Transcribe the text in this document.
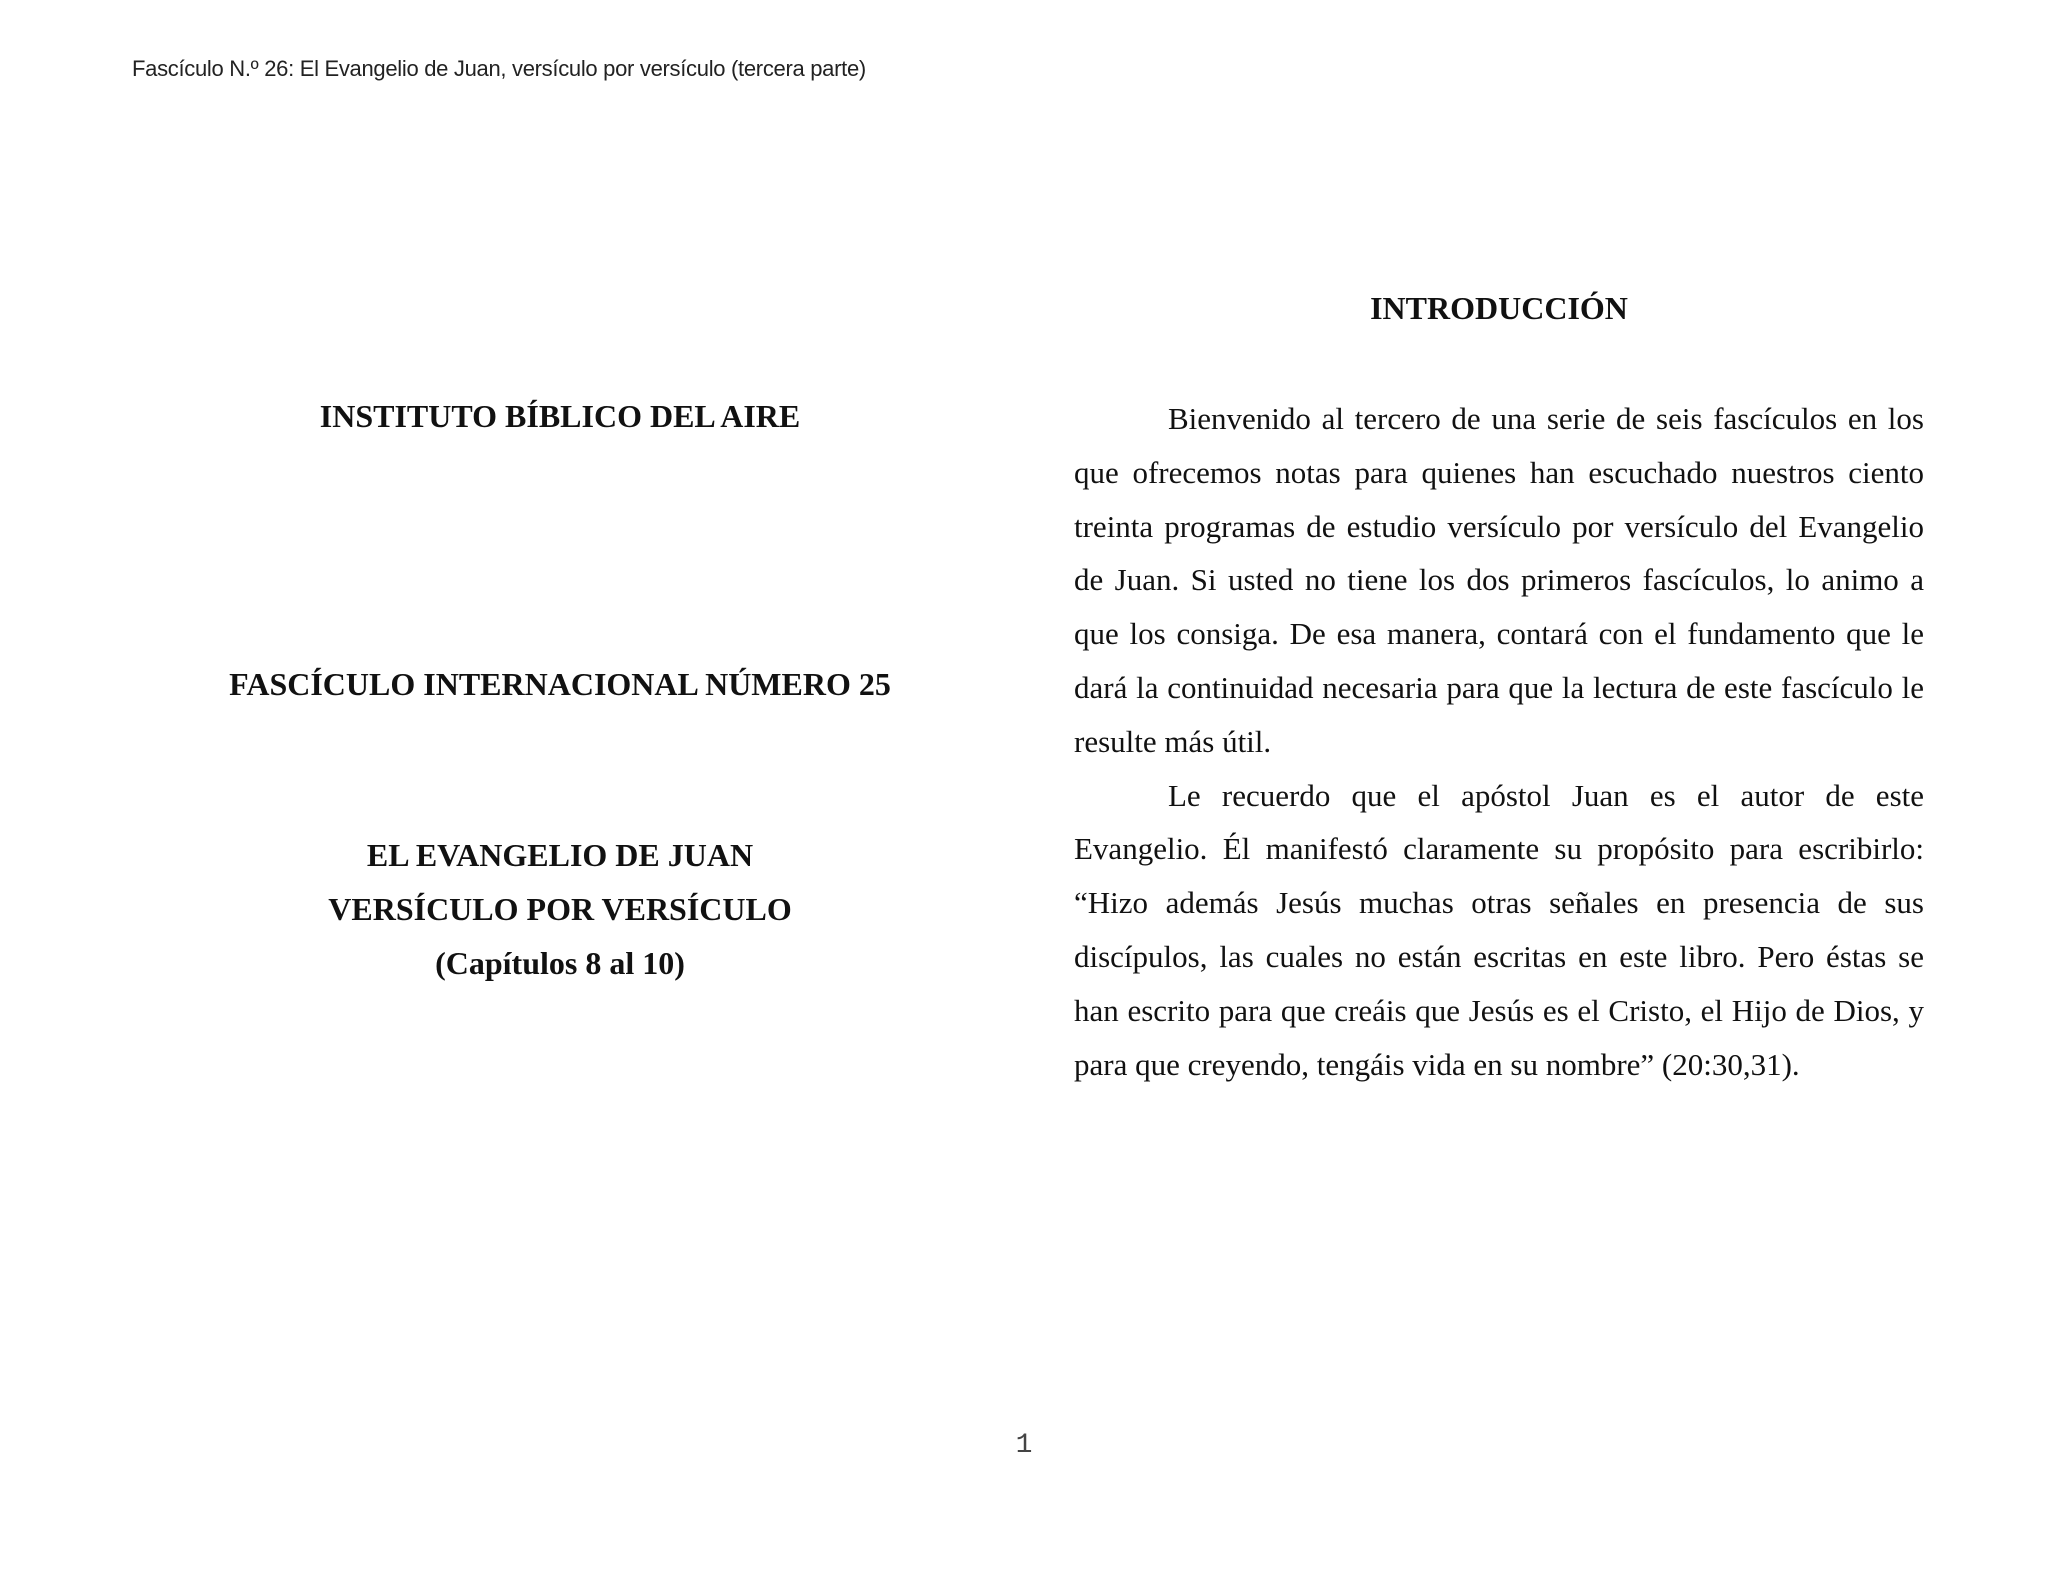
Fascículo N.º 26: El Evangelio de Juan, versículo por versículo (tercera parte)
INSTITUTO BÍBLICO DEL AIRE
FASCÍCULO INTERNACIONAL NÚMERO 25
EL EVANGELIO DE JUAN
VERSÍCULO POR VERSÍCULO
(Capítulos 8 al 10)
INTRODUCCIÓN

Bienvenido al tercero de una serie de seis fascículos en los que ofrecemos notas para quienes han escuchado nuestros ciento treinta programas de estudio versículo por versículo del Evangelio de Juan. Si usted no tiene los dos primeros fascículos, lo animo a que los consiga. De esa manera, contará con el fundamento que le dará la continuidad necesaria para que la lectura de este fascículo le resulte más útil.

Le recuerdo que el apóstol Juan es el autor de este Evangelio. Él manifestó claramente su propósito para escribirlo: “Hizo además Jesús muchas otras señales en presencia de sus discípulos, las cuales no están escritas en este libro. Pero éstas se han escrito para que creáis que Jesús es el Cristo, el Hijo de Dios, y para que creyendo, tengáis vida en su nombre” (20:30,31).

1
